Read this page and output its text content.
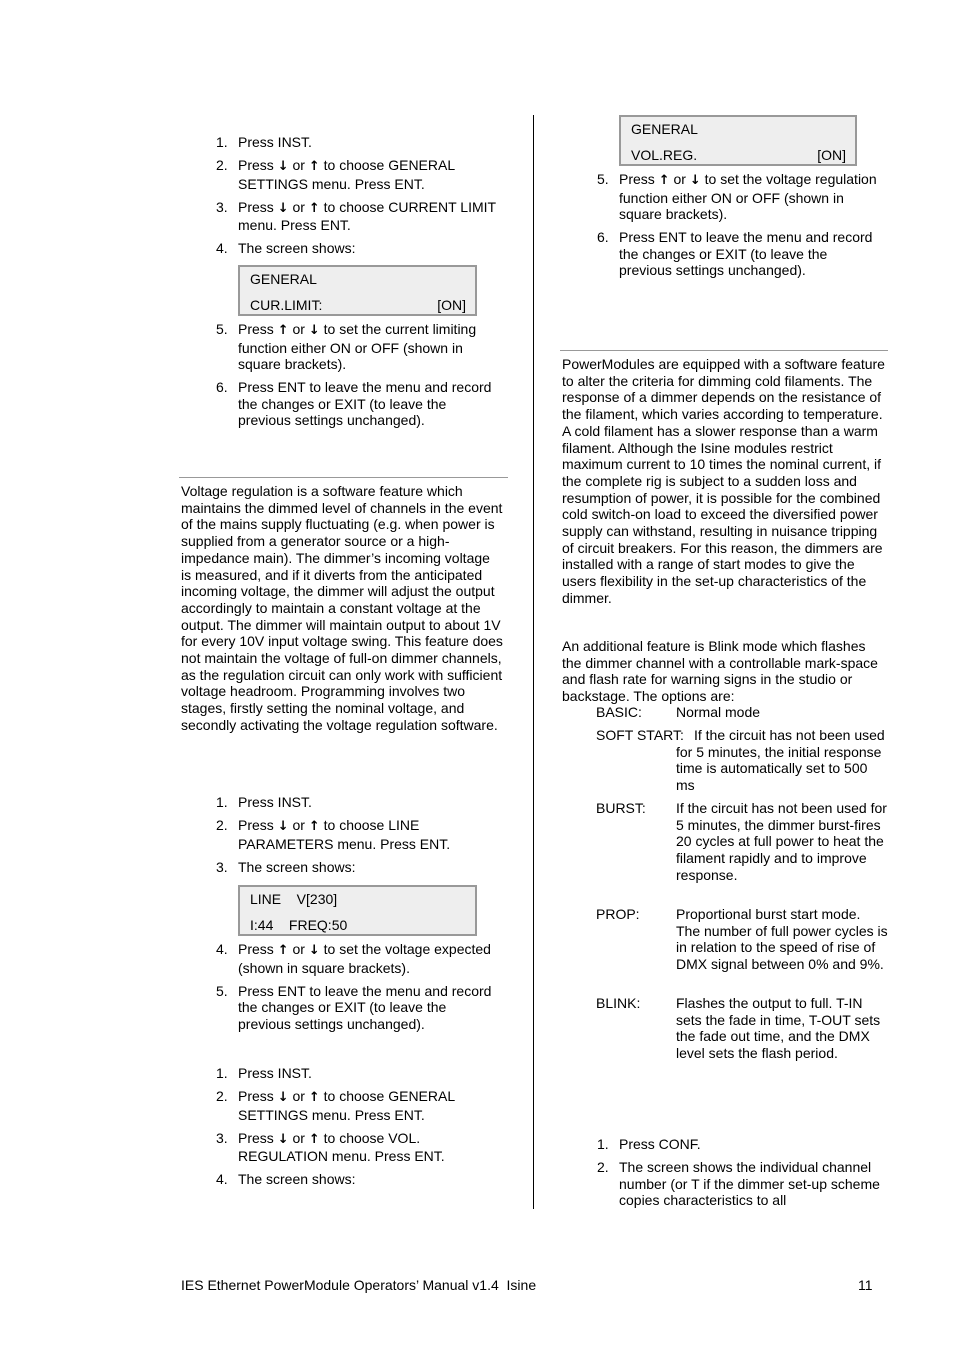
1. Press INST.
2. Press ↓ or ↑ to choose GENERAL SETTINGS menu. Press ENT.
3. Press ↓ or ↑ to choose CURRENT LIMIT menu. Press ENT.
4. The screen shows:
GENERAL
CUR.LIMIT:	[ON]
5. Press ↑ or ↓ to set the current limiting function either ON or OFF (shown in square brackets).
6. Press ENT to leave the menu and record the changes or EXIT (to leave the previous settings unchanged).

Voltage regulation is a software feature which maintains the dimmed level of channels in the event of the mains supply fluctuating (e.g. when power is supplied from a generator source or a high-impedance main). The dimmer’s incoming voltage is measured, and if it diverts from the anticipated incoming voltage, the dimmer will adjust the output accordingly to maintain a constant voltage at the output. The dimmer will maintain output to about 1V for every 10V input voltage swing. This feature does not maintain the voltage of full-on dimmer channels, as the regulation circuit can only work with sufficient voltage headroom. Programming involves two stages, firstly setting the nominal voltage, and secondly activating the voltage regulation software.

1. Press INST.
2. Press ↓ or ↑ to choose LINE PARAMETERS menu. Press ENT.
3. The screen shows:
LINE    V[230]
I:44    FREQ:50
4. Press ↑ or ↓ to set the voltage expected (shown in square brackets).
5. Press ENT to leave the menu and record the changes or EXIT (to leave the previous settings unchanged).
1. Press INST.
2. Press ↓ or ↑ to choose GENERAL SETTINGS menu. Press ENT.
3. Press ↓ or ↑ to choose VOL. REGULATION menu. Press ENT.
4. The screen shows:
GENERAL
VOL.REG.	[ON]
5. Press ↑ or ↓ to set the voltage regulation function either ON or OFF (shown in square brackets).
6. Press ENT to leave the menu and record the changes or EXIT (to leave the previous settings unchanged).

PowerModules are equipped with a software feature to alter the criteria for dimming cold filaments. The response of a dimmer depends on the resistance of the filament, which varies according to temperature. A cold filament has a slower response than a warm filament. Although the Isine modules restrict maximum current to 10 times the nominal current, if the complete rig is subject to a sudden loss and resumption of power, it is possible for the combined cold switch-on load to exceed the diversified power supply can withstand, resulting in nuisance tripping of circuit breakers. For this reason, the dimmers are installed with a range of start modes to give the users flexibility in the set-up characteristics of the dimmer.

An additional feature is Blink mode which flashes the dimmer channel with a controllable mark-space and flash rate for warning signs in the studio or backstage. The options are:

BASIC: Normal mode
SOFT START: If the circuit has not been used for 5 minutes, the initial response time is automatically set to 500 ms
BURST: If the circuit has not been used for 5 minutes, the dimmer burst-fires 20 cycles at full power to heat the filament rapidly and to improve response.
PROP:	Proportional burst start mode. The number of full power cycles is in relation to the speed of rise of DMX signal between 0% and 9%.
BLINK:	Flashes the output to full. T-IN sets the fade in time, T-OUT sets the fade out time, and the DMX level sets the flash period.
1. Press CONF.
2. The screen shows the individual channel number (or T if the dimmer set-up scheme copies characteristics to all
IES Ethernet PowerModule Operators’ Manual v1.4  Isine	11
